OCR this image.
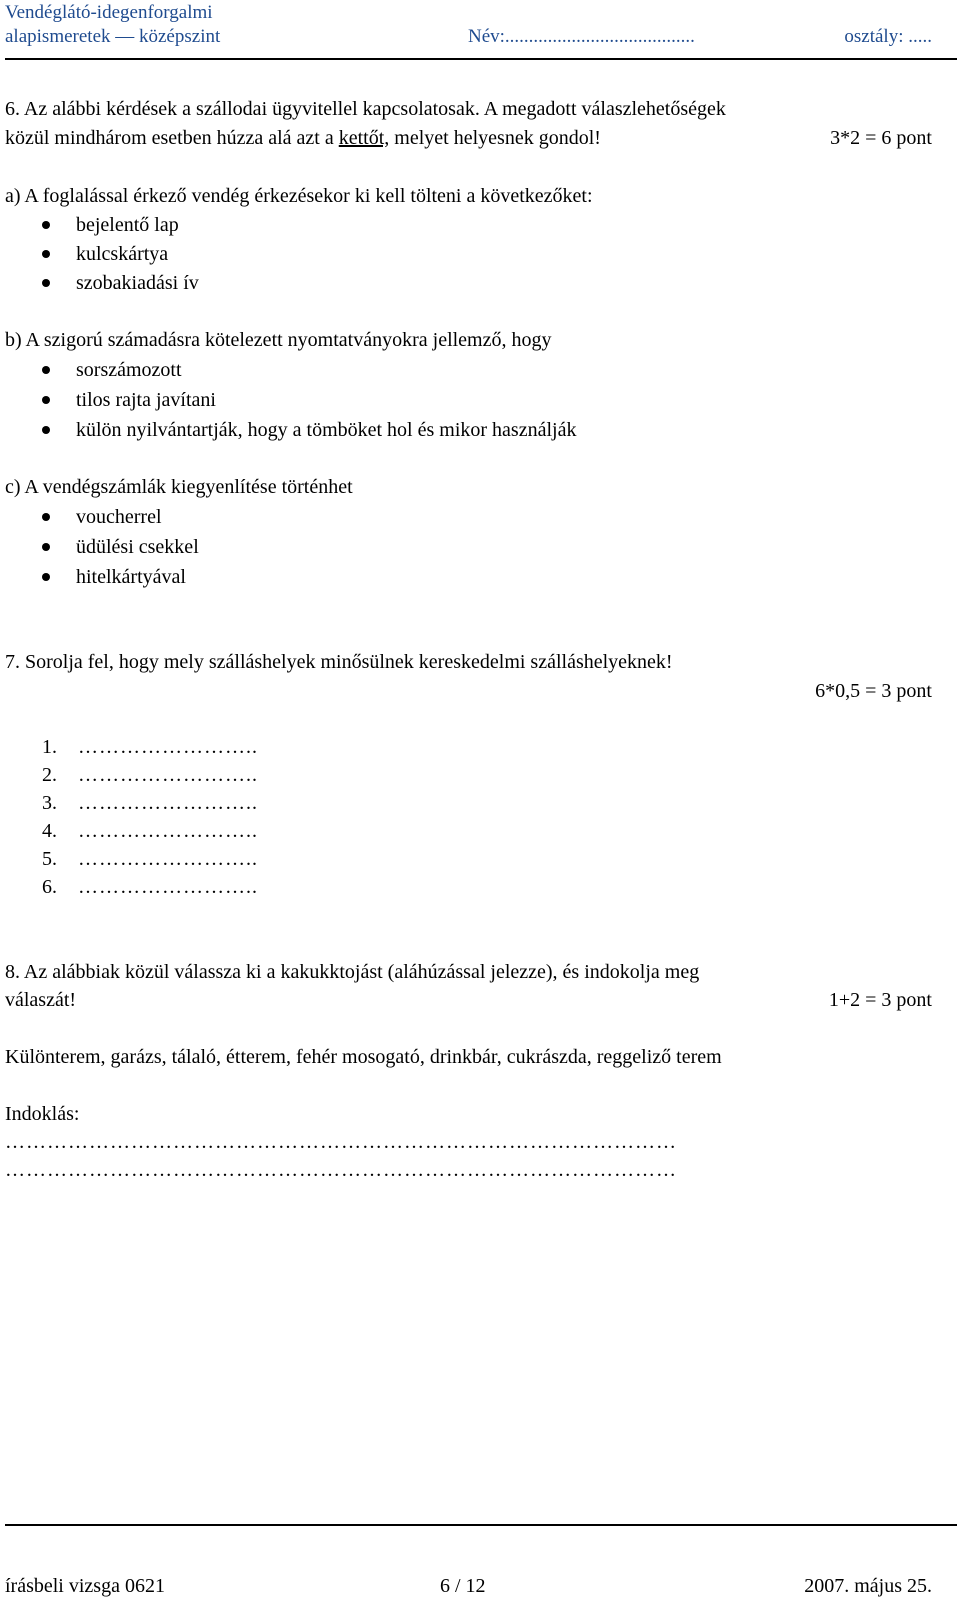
Vendéglátó-idegenforgalmi
alapismeretek — középszint	Név:........................................	osztály: .....
6. Az alábbi kérdések a szállodai ügyvitellel kapcsolatosak. A megadott válaszlehetőségek
közül mindhárom esetben húzza alá azt a kettőt, melyet helyesnek gondol!	3*2 = 6 pont
a) A foglalással érkező vendég érkezésekor ki kell tölteni a következőket:
bejelentő lap
kulcskártya
szobakiadási ív
b) A szigorú számadásra kötelezett nyomtatványokra jellemző, hogy
sorszámozott
tilos rajta javítani
külön nyilvántartják, hogy a tömböket hol és mikor használják
c) A vendégszámlák kiegyenlítése történhet
voucherrel
üdülési csekkel
hitelkártyával
7. Sorolja fel, hogy mely szálláshelyek minősülnek kereskedelmi szálláshelyeknek!
6*0,5 = 3 pont
1. ……………………..
2. ……………………..
3. ……………………..
4. ……………………..
5. ……………………..
6. ……………………..
8. Az alábbiak közül válassza ki a kakukktojást (aláhúzással jelezze), és indokolja meg
válaszát!	1+2 = 3 pont
Különterem, garázs, tálaló, étterem, fehér mosogató, drinkbár, cukrászda, reggeliző terem
Indoklás:
……………………………………………………………………………………
……………………………………………………………………………………
írásbeli vizsga 0621	6 / 12	2007. május 25.
